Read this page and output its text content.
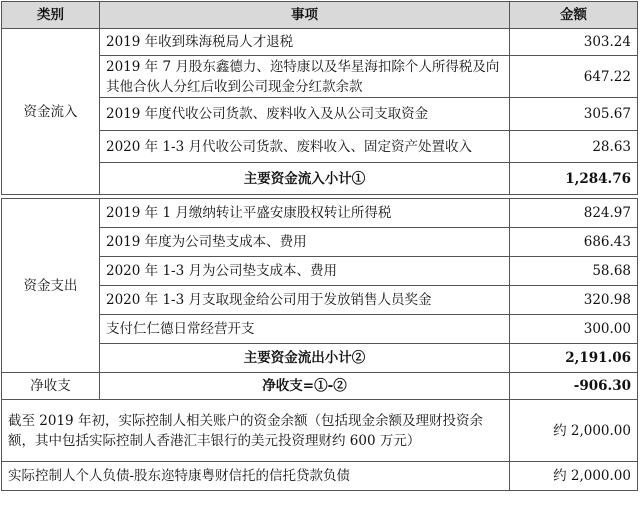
类别	事项	金额
资金流入	2019 年收到珠海税局人才退税	303.24
	2019 年 7 月股东鑫德力、迩特康以及华星海扣除个人所得税及向其他合伙人分红后收到公司现金分红款余款	647.22
	2019 年度代收公司货款、废料收入及从公司支取资金	305.67
	2020 年 1-3 月代收公司货款、废料收入、固定资产处置收入	28.63
	主要资金流入小计①	1,284.76

资金支出	2019 年 1 月缴纳转让平盛安康股权转让所得税	824.97
	2019 年度为公司垫支成本、费用	686.43
	2020 年 1-3 月为公司垫支成本、费用	58.68
	2020 年 1-3 月支取现金给公司用于发放销售人员奖金	320.98
	支付仁仁德日常经营开支	300.00
	主要资金流出小计②	2,191.06
净收支	净收支=①-②	-906.30
截至 2019 年初，实际控制人相关账户的资金余额（包括现金余额及理财投资余额，其中包括实际控制人香港汇丰银行的美元投资理财约 600 万元）		约 2,000.00
实际控制人个人负债-股东迩特康粤财信托的信托贷款负债		约 2,000.00
